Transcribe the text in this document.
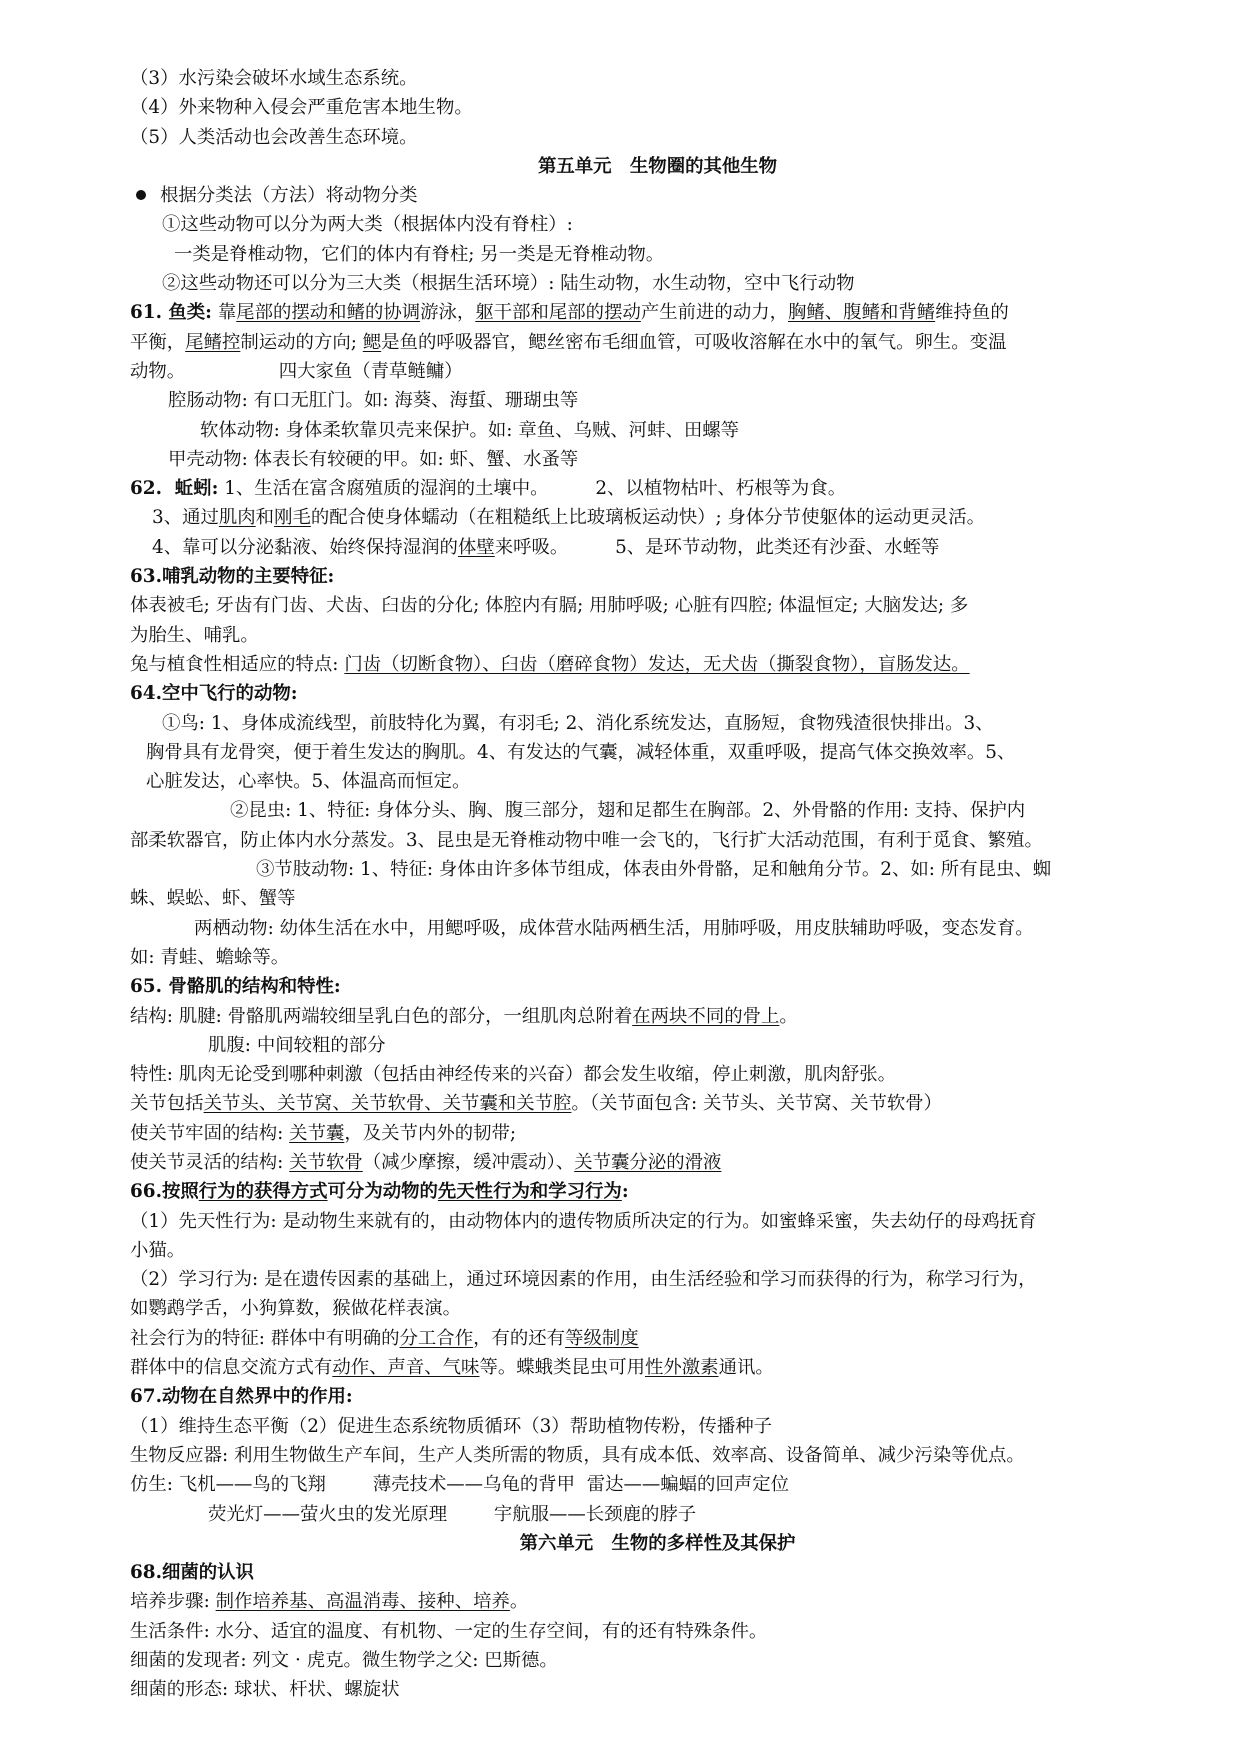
（3）水污染会破坏水域生态系统。
（4）外来物种入侵会严重危害本地生物。
（5）人类活动也会改善生态环境。
第五单元　生物圈的其他生物
根据分类法（方法）将动物分类
①这些动物可以分为两大类（根据体内没有脊柱）:
一类是脊椎动物，它们的体内有脊柱; 另一类是无脊椎动物。
②这些动物还可以分为三大类（根据生活环境）: 陆生动物，水生动物，空中飞行动物
61. 鱼类: 靠尾部的摆动和鳍的协调游泳，躯干部和尾部的摆动产生前进的动力，胸鳍、腹鳍和背鳍维持鱼的
平衡，尾鳍控制运动的方向; 鳃是鱼的呼吸器官，鳃丝密布毛细血管，可吸收溶解在水中的氧气。卵生。变温
动物。                四大家鱼（青草鲢鳙）
腔肠动物: 有口无肛门。如: 海葵、海蜇、珊瑚虫等
软体动物: 身体柔软靠贝壳来保护。如: 章鱼、乌贼、河蚌、田螺等
甲壳动物: 体表长有较硬的甲。如: 虾、蟹、水蚤等
62.  蚯蚓: 1、生活在富含腐殖质的湿润的土壤中。        2、以植物枯叶、朽根等为食。
3、通过肌肉和刚毛的配合使身体蠕动（在粗糙纸上比玻璃板运动快）; 身体分节使躯体的运动更灵活。
4、靠可以分泌黏液、始终保持湿润的体壁来呼吸。        5、是环节动物，此类还有沙蚕、水蛭等
63.哺乳动物的主要特征:
体表被毛; 牙齿有门齿、犬齿、臼齿的分化; 体腔内有膈; 用肺呼吸; 心脏有四腔; 体温恒定; 大脑发达; 多
为胎生、哺乳。
兔与植食性相适应的特点: 门齿（切断食物）、臼齿（磨碎食物）发达，无犬齿（撕裂食物），盲肠发达。
64.空中飞行的动物:
①鸟: 1、身体成流线型，前肢特化为翼，有羽毛; 2、消化系统发达，直肠短，食物残渣很快排出。3、
胸骨具有龙骨突，便于着生发达的胸肌。4、有发达的气囊，减轻体重，双重呼吸，提高气体交换效率。5、
心脏发达，心率快。5、体温高而恒定。
②昆虫: 1、特征: 身体分头、胸、腹三部分，翅和足都生在胸部。2、外骨骼的作用: 支持、保护内
部柔软器官，防止体内水分蒸发。3、昆虫是无脊椎动物中唯一会飞的，飞行扩大活动范围，有利于觅食、繁殖。
③节肢动物: 1、特征: 身体由许多体节组成，体表由外骨骼，足和触角分节。2、如: 所有昆虫、蜘
蛛、蜈蚣、虾、蟹等
两栖动物: 幼体生活在水中，用鳃呼吸，成体营水陆两栖生活，用肺呼吸，用皮肤辅助呼吸，变态发育。
如: 青蛙、蟾蜍等。
65. 骨骼肌的结构和特性:
结构: 肌腱: 骨骼肌两端较细呈乳白色的部分，一组肌肉总附着在两块不同的骨上。
肌腹: 中间较粗的部分
特性: 肌肉无论受到哪种刺激（包括由神经传来的兴奋）都会发生收缩，停止刺激，肌肉舒张。
关节包括关节头、关节窝、关节软骨、关节囊和关节腔。（关节面包含: 关节头、关节窝、关节软骨）
使关节牢固的结构: 关节囊，及关节内外的韧带;
使关节灵活的结构: 关节软骨（减少摩擦，缓冲震动）、关节囊分泌的滑液
66.按照行为的获得方式可分为动物的先天性行为和学习行为:
（1）先天性行为: 是动物生来就有的，由动物体内的遗传物质所决定的行为。如蜜蜂采蜜，失去幼仔的母鸡抚育
小猫。
（2）学习行为: 是在遗传因素的基础上，通过环境因素的作用，由生活经验和学习而获得的行为，称学习行为，
如鹦鹉学舌，小狗算数，猴做花样表演。
社会行为的特征: 群体中有明确的分工合作，有的还有等级制度
群体中的信息交流方式有动作、声音、气味等。蝶蛾类昆虫可用性外激素通讯。
67.动物在自然界中的作用:
（1）维持生态平衡（2）促进生态系统物质循环（3）帮助植物传粉，传播种子
生物反应器: 利用生物做生产车间，生产人类所需的物质，具有成本低、效率高、设备简单、减少污染等优点。
仿生: 飞机——鸟的飞翔        薄壳技术——乌龟的背甲  雷达——蝙蝠的回声定位
荧光灯——萤火虫的发光原理        宇航服——长颈鹿的脖子
第六单元　生物的多样性及其保护
68.细菌的认识
培养步骤: 制作培养基、高温消毒、接种、培养。
生活条件: 水分、适宜的温度、有机物、一定的生存空间，有的还有特殊条件。
细菌的发现者: 列文 · 虎克。微生物学之父: 巴斯德。
细菌的形态: 球状、杆状、螺旋状
